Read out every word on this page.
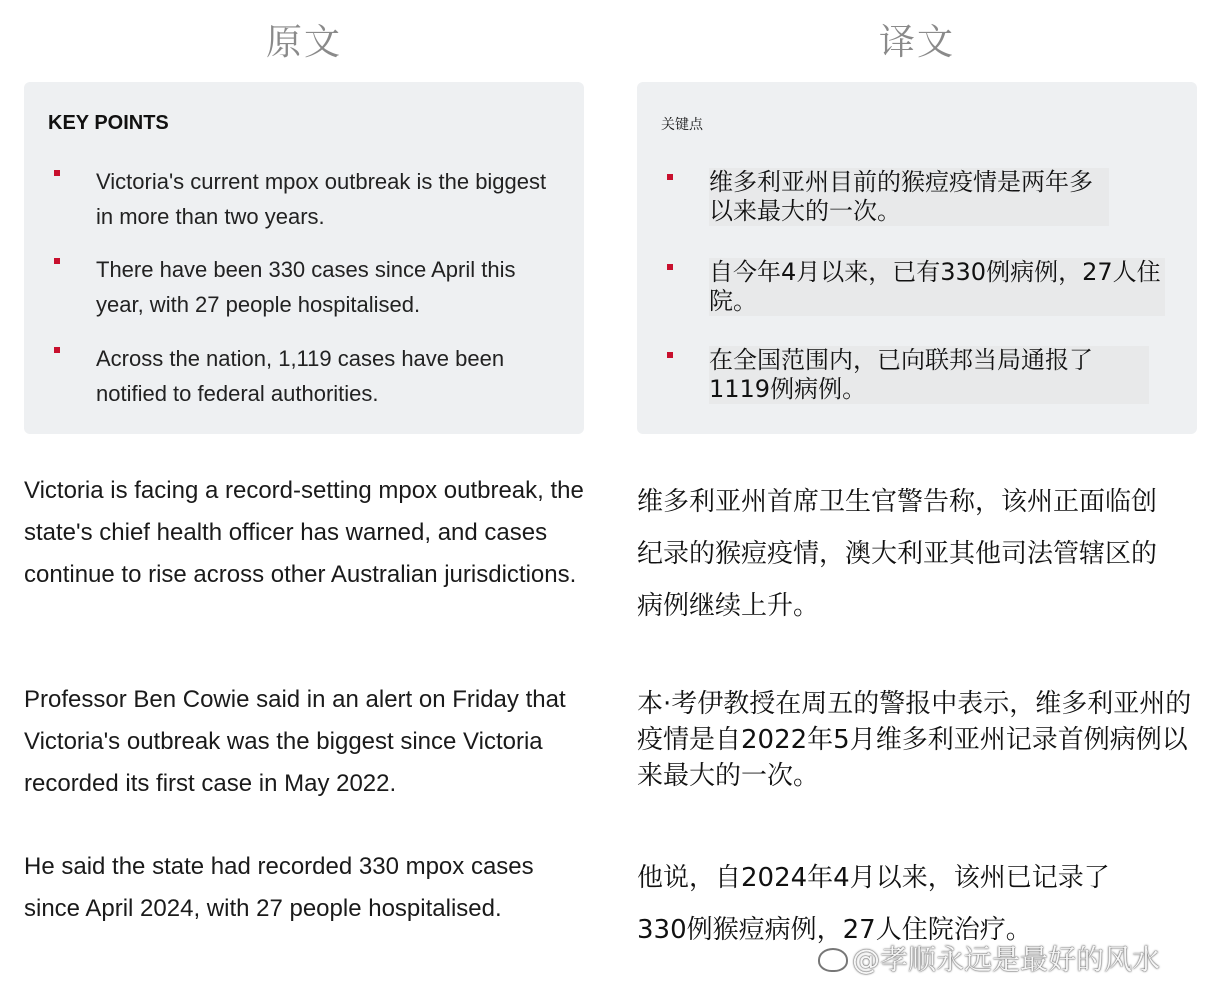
原文
KEY POINTS
Victoria's current mpox outbreak is the biggest in more than two years.
There have been 330 cases since April this year, with 27 people hospitalised.
Across the nation, 1,119 cases have been notified to federal authorities.
Victoria is facing a record-setting mpox outbreak, the state's chief health officer has warned, and cases continue to rise across other Australian jurisdictions.
Professor Ben Cowie said in an alert on Friday that Victoria's outbreak was the biggest since Victoria recorded its first case in May 2022.
He said the state had recorded 330 mpox cases since April 2024, with 27 people hospitalised.
译文
关键点
维多利亚州目前的猴痘疫情是两年多以来最大的一次。
自今年4月以来，已有330例病例，27人住院。
在全国范围内，已向联邦当局通报了1119例病例。
维多利亚州首席卫生官警告称，该州正面临创纪录的猴痘疫情，澳大利亚其他司法管辖区的病例继续上升。
本·考伊教授在周五的警报中表示，维多利亚州的疫情是自2022年5月维多利亚州记录首例病例以来最大的一次。
他说，自2024年4月以来，该州已记录了330例猴痘病例，27人住院治疗。
@孝顺永远是最好的风水
